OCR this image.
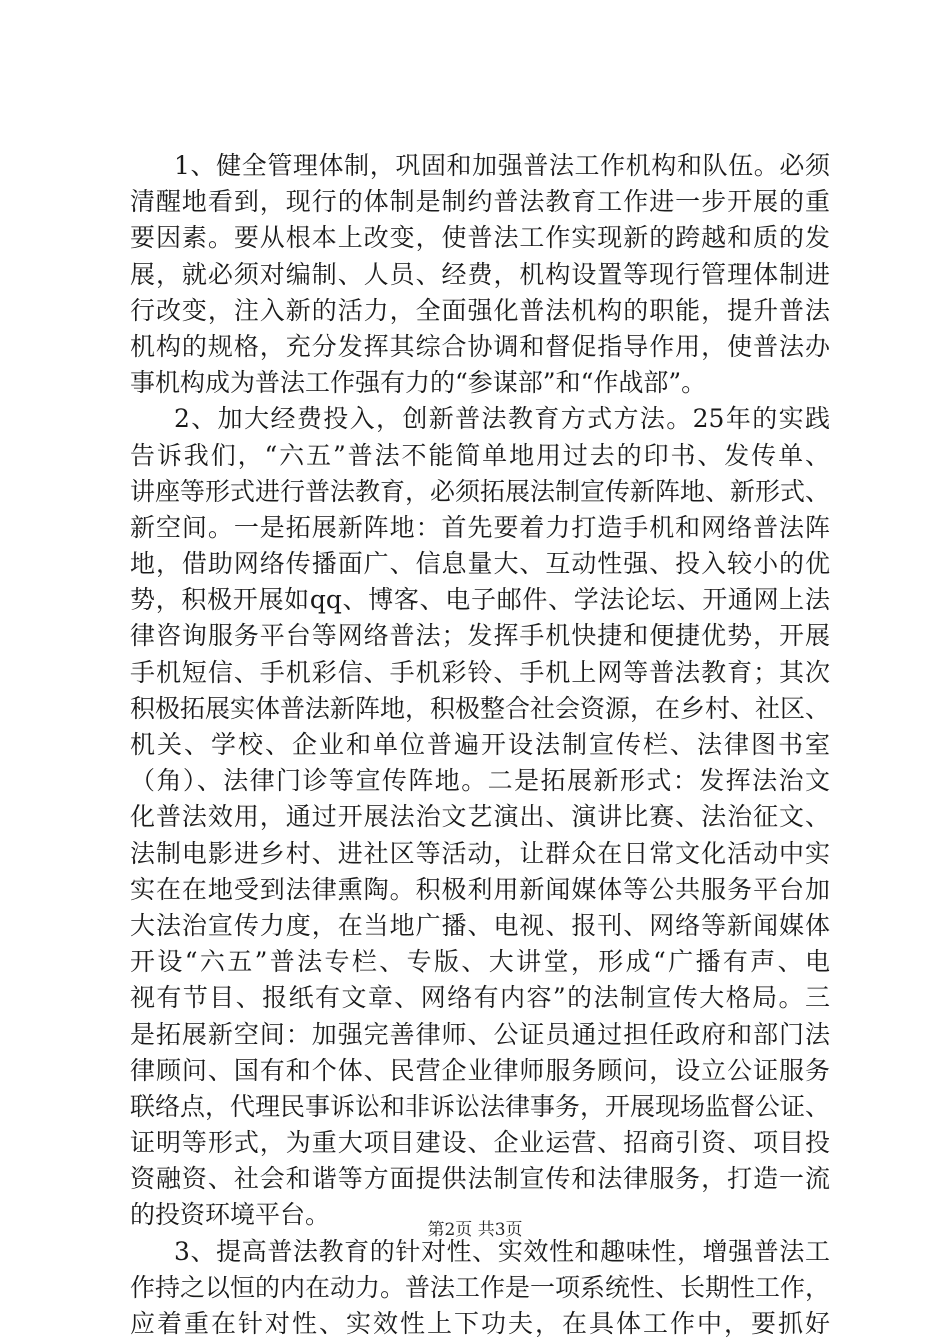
1、健全管理体制，巩固和加强普法工作机构和队伍。必须
清醒地看到，现行的体制是制约普法教育工作进一步开展的重
要因素。要从根本上改变，使普法工作实现新的跨越和质的发
展，就必须对编制、人员、经费，机构设置等现行管理体制进
行改变，注入新的活力，全面强化普法机构的职能，提升普法
机构的规格，充分发挥其综合协调和督促指导作用，使普法办
事机构成为普法工作强有力的“参谋部”和“作战部”。
2、加大经费投入，创新普法教育方式方法。25年的实践
告诉我们，“六五”普法不能简单地用过去的印书、发传单、
讲座等形式进行普法教育，必须拓展法制宣传新阵地、新形式、
新空间。一是拓展新阵地：首先要着力打造手机和网络普法阵
地，借助网络传播面广、信息量大、互动性强、投入较小的优
势，积极开展如qq、博客、电子邮件、学法论坛、开通网上法
律咨询服务平台等网络普法；发挥手机快捷和便捷优势，开展
手机短信、手机彩信、手机彩铃、手机上网等普法教育；其次
积极拓展实体普法新阵地，积极整合社会资源，在乡村、社区、
机关、学校、企业和单位普遍开设法制宣传栏、法律图书室
（角）、法律门诊等宣传阵地。二是拓展新形式：发挥法治文
化普法效用，通过开展法治文艺演出、演讲比赛、法治征文、
法制电影进乡村、进社区等活动，让群众在日常文化活动中实
实在在地受到法律熏陶。积极利用新闻媒体等公共服务平台加
大法治宣传力度，在当地广播、电视、报刊、网络等新闻媒体
开设“六五”普法专栏、专版、大讲堂，形成“广播有声、电
视有节目、报纸有文章、网络有内容”的法制宣传大格局。三
是拓展新空间：加强完善律师、公证员通过担任政府和部门法
律顾问、国有和个体、民营企业律师服务顾问，设立公证服务
联络点，代理民事诉讼和非诉讼法律事务，开展现场监督公证、
证明等形式，为重大项目建设、企业运营、招商引资、项目投
资融资、社会和谐等方面提供法制宣传和法律服务，打造一流
的投资环境平台。
3、提高普法教育的针对性、实效性和趣味性，增强普法工
作持之以恒的内在动力。普法工作是一项系统性、长期性工作，
应着重在针对性、实效性上下功夫，在具体工作中，要抓好
第2页 共3页
